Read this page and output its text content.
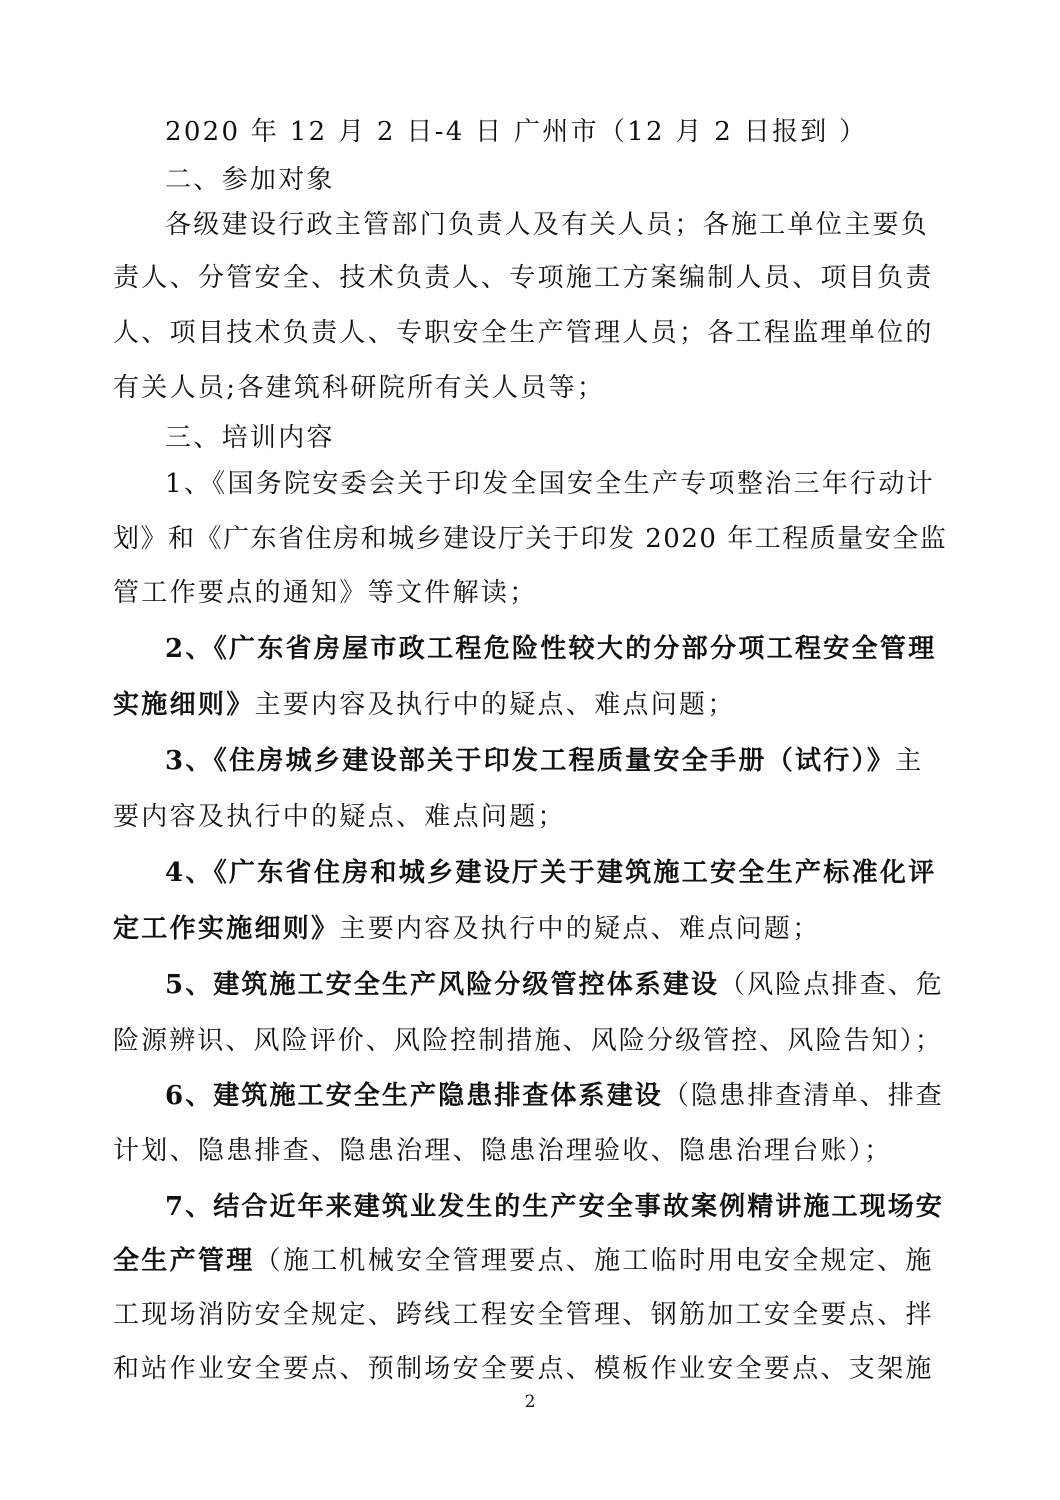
2020 年 12 月 2 日-4 日 广州市（12 月 2 日报到 ）
二、参加对象
各级建设行政主管部门负责人及有关人员；各施工单位主要负
责人、分管安全、技术负责人、专项施工方案编制人员、项目负责
人、项目技术负责人、专职安全生产管理人员；各工程监理单位的
有关人员;各建筑科研院所有关人员等；
三、培训内容
1、《国务院安委会关于印发全国安全生产专项整治三年行动计
划》和《广东省住房和城乡建设厅关于印发 2020 年工程质量安全监
管工作要点的通知》等文件解读；
2、《广东省房屋市政工程危险性较大的分部分项工程安全管理
实施细则》主要内容及执行中的疑点、难点问题；
3、《住房城乡建设部关于印发工程质量安全手册（试行）》主
要内容及执行中的疑点、难点问题；
4、《广东省住房和城乡建设厅关于建筑施工安全生产标准化评
定工作实施细则》主要内容及执行中的疑点、难点问题；
5、建筑施工安全生产风险分级管控体系建设（风险点排查、危
险源辨识、风险评价、风险控制措施、风险分级管控、风险告知）；
6、建筑施工安全生产隐患排查体系建设（隐患排查清单、排查
计划、隐患排查、隐患治理、隐患治理验收、隐患治理台账）；
7、结合近年来建筑业发生的生产安全事故案例精讲施工现场安
全生产管理（施工机械安全管理要点、施工临时用电安全规定、施
工现场消防安全规定、跨线工程安全管理、钢筋加工安全要点、拌
和站作业安全要点、预制场安全要点、模板作业安全要点、支架施
2
